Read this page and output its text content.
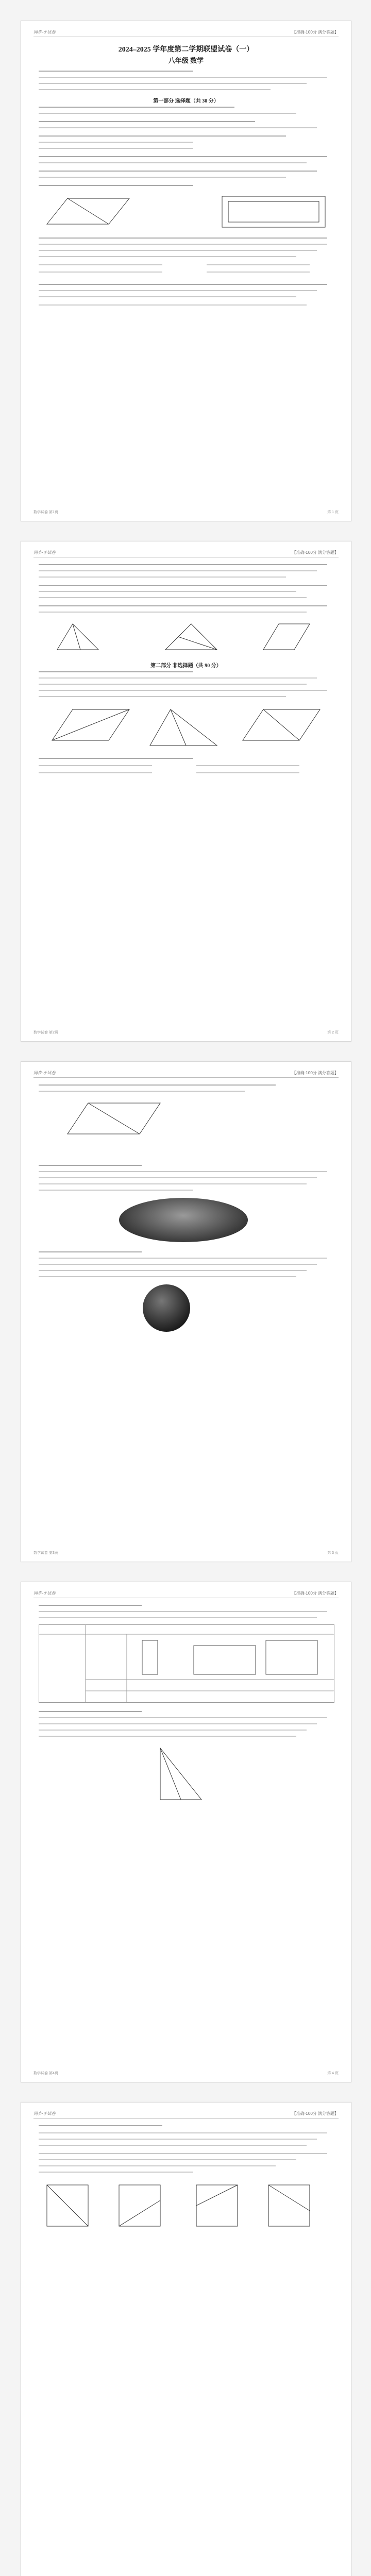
同步·小试卷	【准确·100分 满分答题】
2024–2025 学年度第二学期联盟试卷（一）
八年级 数学
第一部分 选择题（共 30 分）
数学试卷 第1页	第 1 页
同步·小试卷	【准确·100分 满分答题】
第二部分 非选择题（共 90 分）
数学试卷 第2页	第 2 页
同步·小试卷	【准确·100分 满分答题】
数学试卷 第3页	第 3 页
同步·小试卷	【准确·100分 满分答题】
数学试卷 第4页	第 4 页
同步·小试卷	【准确·100分 满分答题】
